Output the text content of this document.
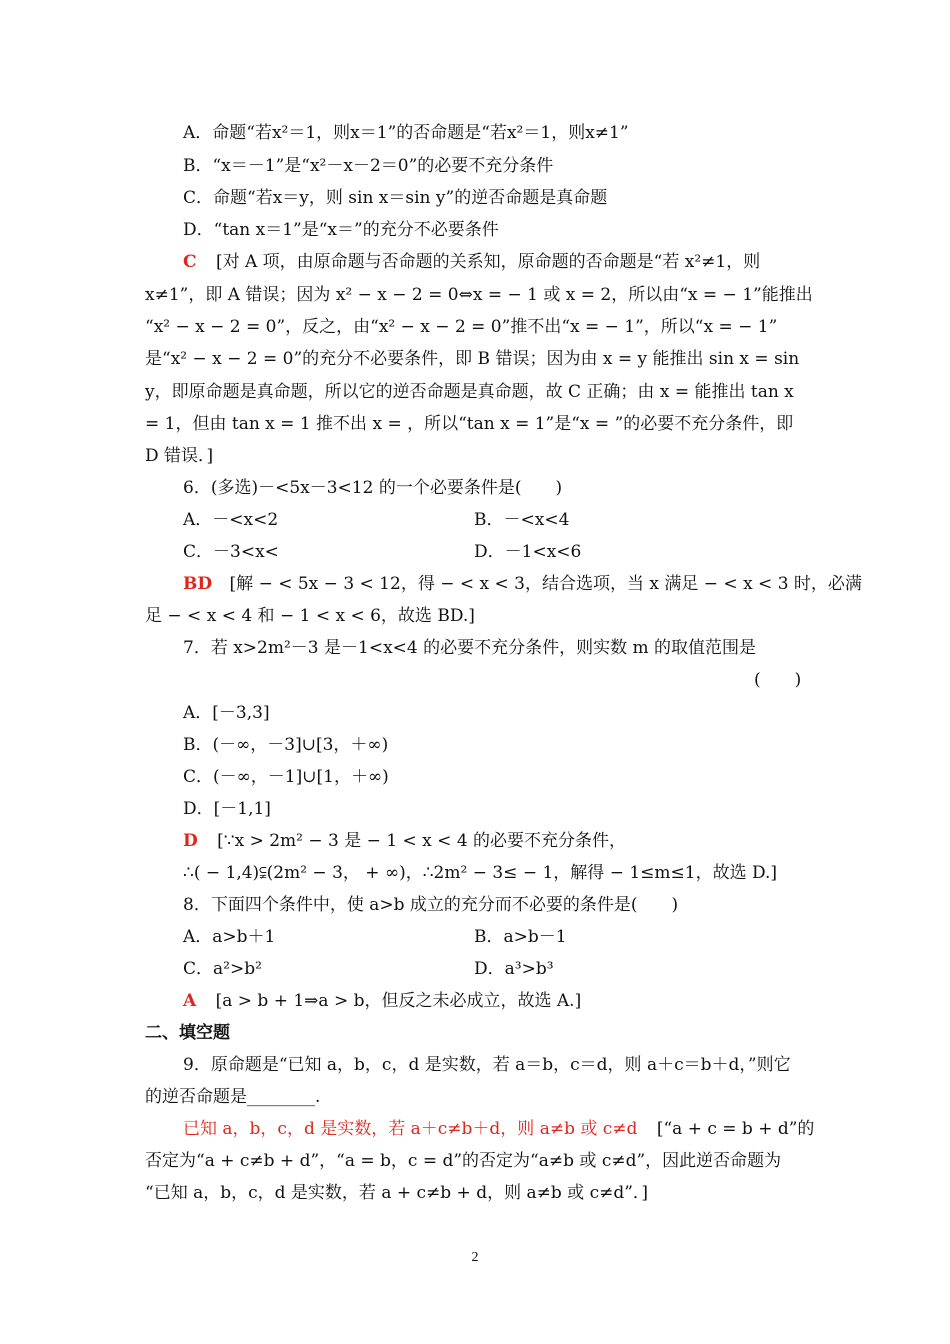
A．命题“若x²＝1，则x＝1”的否命题是“若x²＝1，则x≠1”
B．“x＝－1”是“x²－x－2＝0”的必要不充分条件
C．命题“若x＝y，则 sin x＝sin y”的逆否命题是真命题
D．“tan x＝1”是“x＝”的充分不必要条件
C [对 A 项，由原命题与否命题的关系知，原命题的否命题是“若 x²≠1，则
x≠1”，即 A 错误；因为 x² − x − 2 = 0⇔x = − 1 或 x = 2，所以由“x = − 1”能推出
“x² − x − 2 = 0”，反之，由“x² − x − 2 = 0”推不出“x = − 1”，所以“x = − 1”
是“x² − x − 2 = 0”的充分不必要条件，即 B 错误；因为由 x = y 能推出 sin x = sin
y，即原命题是真命题，所以它的逆否命题是真命题，故 C 正确；由 x = 能推出 tan x
= 1，但由 tan x = 1 推不出 x = ，所以“tan x = 1”是“x = ”的必要不充分条件，即
D 错误．]
6．(多选)－<5x－3<12 的一个必要条件是(　　)
A．－<x<2	B．－<x<4
C．－3<x<	D．－1<x<6
BD [解 − < 5x − 3 < 12，得 − < x < 3，结合选项，当 x 满足 − < x < 3 时，必满
足 − < x < 4 和 − 1 < x < 6，故选 BD.]
7．若 x>2m²－3 是－1<x<4 的必要不充分条件，则实数 m 的取值范围是
(　　)
A．[－3,3]
B．(－∞，－3]∪[3，＋∞)
C．(－∞，－1]∪[1，＋∞)
D．[－1,1]
D [∵x > 2m² − 3 是 − 1 < x < 4 的必要不充分条件，
∴( − 1,4)⫋(2m² − 3， + ∞)，∴2m² − 3≤ − 1，解得 − 1≤m≤1，故选 D.]
8．下面四个条件中，使 a>b 成立的充分而不必要的条件是(　　)
A．a>b＋1	B．a>b－1
C．a²>b²	D．a³>b³
A [a > b + 1⇒a > b，但反之未必成立，故选 A.]
二、填空题
9．原命题是“已知 a，b，c，d 是实数，若 a＝b，c＝d，则 a＋c＝b＋d，”则它
的逆否命题是________.
已知 a，b，c，d 是实数，若 a＋c≠b＋d，则 a≠b 或 c≠d [“a + c = b + d”的
否定为“a + c≠b + d”，“a = b，c = d”的否定为“a≠b 或 c≠d”，因此逆否命题为
“已知 a，b，c，d 是实数，若 a + c≠b + d，则 a≠b 或 c≠d”．]
2
